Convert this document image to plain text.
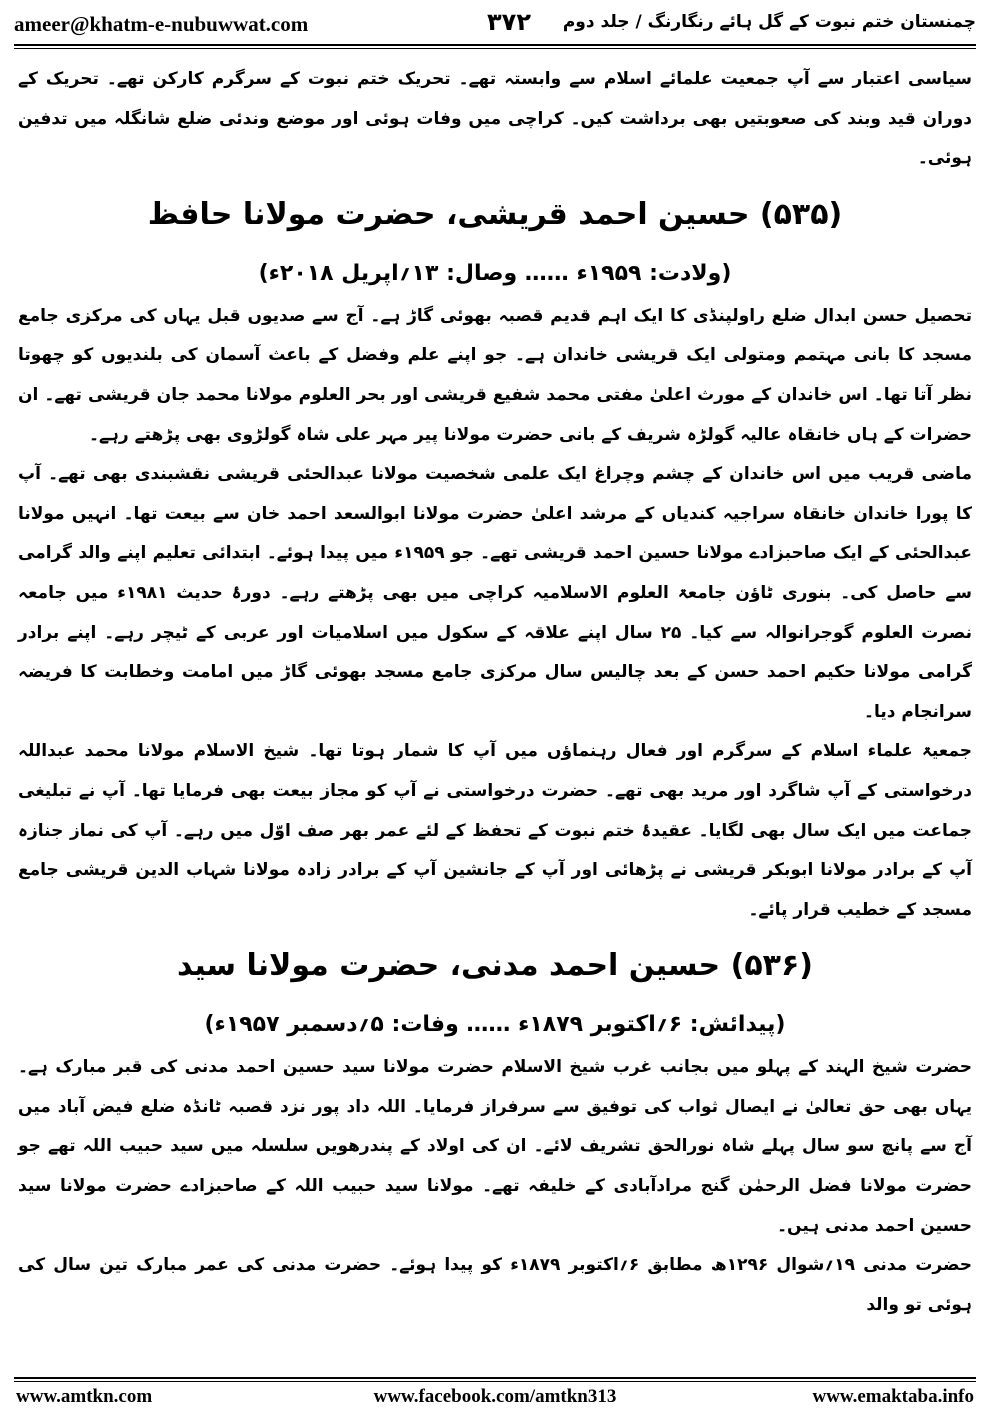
ameer@khatm-e-nubuwwat.com	۳۷۲	چمنستان ختم نبوت کے گل ہائے رنگارنگ / جلد دوم

سیاسی اعتبار سے آپ جمعیت علمائے اسلام سے وابستہ تھے۔ تحریک ختم نبوت کے سرگرم کارکن تھے۔ تحریک کے دوران قید وبند کی صعوبتیں بھی برداشت کیں۔ کراچی میں وفات ہوئی اور موضع وندئی ضلع شانگلہ میں تدفین ہوئی۔

(۵۳۵) حسین احمد قریشی، حضرت مولانا حافظ

(ولادت: ۱۹۵۹ء …… وصال: ۱۳؍اپریل ۲۰۱۸ء)

تحصیل حسن ابدال ضلع راولپنڈی کا ایک اہم قدیم قصبہ بھوئی گاڑ ہے۔ آج سے صدیوں قبل یہاں کی مرکزی جامع مسجد کا بانی مہتمم ومتولی ایک قریشی خاندان ہے۔ جو اپنے علم وفضل کے باعث آسمان کی بلندیوں کو چھوتا نظر آتا تھا۔ اس خاندان کے مورث اعلیٰ مفتی محمد شفیع قریشی اور بحر العلوم مولانا محمد جان قریشی تھے۔ ان حضرات کے ہاں خانقاہ عالیہ گولڑہ شریف کے بانی حضرت مولانا پیر مہر علی شاہ گولڑوی بھی پڑھتے رہے۔

ماضی قریب میں اس خاندان کے چشم وچراغ ایک علمی شخصیت مولانا عبدالحئی قریشی نقشبندی بھی تھے۔ آپ کا پورا خاندان خانقاہ سراجیہ کندیاں کے مرشد اعلیٰ حضرت مولانا ابوالسعد احمد خان سے بیعت تھا۔ انہیں مولانا عبدالحئی کے ایک صاحبزادے مولانا حسین احمد قریشی تھے۔ جو ۱۹۵۹ء میں پیدا ہوئے۔ ابتدائی تعلیم اپنے والد گرامی سے حاصل کی۔ بنوری ٹاؤن جامعۃ العلوم الاسلامیہ کراچی میں بھی پڑھتے رہے۔ دورۂ حدیث ۱۹۸۱ء میں جامعہ نصرت العلوم گوجرانوالہ سے کیا۔ ۲۵ سال اپنے علاقہ کے سکول میں اسلامیات اور عربی کے ٹیچر رہے۔ اپنے برادر گرامی مولانا حکیم احمد حسن کے بعد چالیس سال مرکزی جامع مسجد بھوئی گاڑ میں امامت وخطابت کا فریضہ سرانجام دیا۔

جمعیۃ علماء اسلام کے سرگرم اور فعال رہنماؤں میں آپ کا شمار ہوتا تھا۔ شیخ الاسلام مولانا محمد عبداللہ درخواستی کے آپ شاگرد اور مرید بھی تھے۔ حضرت درخواستی نے آپ کو مجاز بیعت بھی فرمایا تھا۔ آپ نے تبلیغی جماعت میں ایک سال بھی لگایا۔ عقیدۂ ختم نبوت کے تحفظ کے لئے عمر بھر صف اوّل میں رہے۔ آپ کی نماز جنازہ آپ کے برادر مولانا ابوبکر قریشی نے پڑھائی اور آپ کے جانشین آپ کے برادر زادہ مولانا شہاب الدین قریشی جامع مسجد کے خطیب قرار پائے۔

(۵۳۶) حسین احمد مدنی، حضرت مولانا سید

(پیدائش: ۶؍اکتوبر ۱۸۷۹ء …… وفات: ۵؍دسمبر ۱۹۵۷ء)

حضرت شیخ الہند کے پہلو میں بجانب غرب شیخ الاسلام حضرت مولانا سید حسین احمد مدنی کی قبر مبارک ہے۔ یہاں بھی حق تعالیٰ نے ایصال ثواب کی توفیق سے سرفراز فرمایا۔ اللہ داد پور نزد قصبہ ٹانڈہ ضلع فیض آباد میں آج سے پانچ سو سال پہلے شاہ نورالحق تشریف لائے۔ ان کی اولاد کے پندرھویں سلسلہ میں سید حبیب اللہ تھے جو حضرت مولانا فضل الرحمٰن گنج مرادآبادی کے خلیفہ تھے۔ مولانا سید حبیب اللہ کے صاحبزادے حضرت مولانا سید حسین احمد مدنی ہیں۔

حضرت مدنی ۱۹؍شوال ۱۲۹۶ھ مطابق ۶؍اکتوبر ۱۸۷۹ء کو پیدا ہوئے۔ حضرت مدنی کی عمر مبارک تین سال کی ہوئی تو والد

www.amtkn.com	www.facebook.com/amtkn313	www.emaktaba.info
